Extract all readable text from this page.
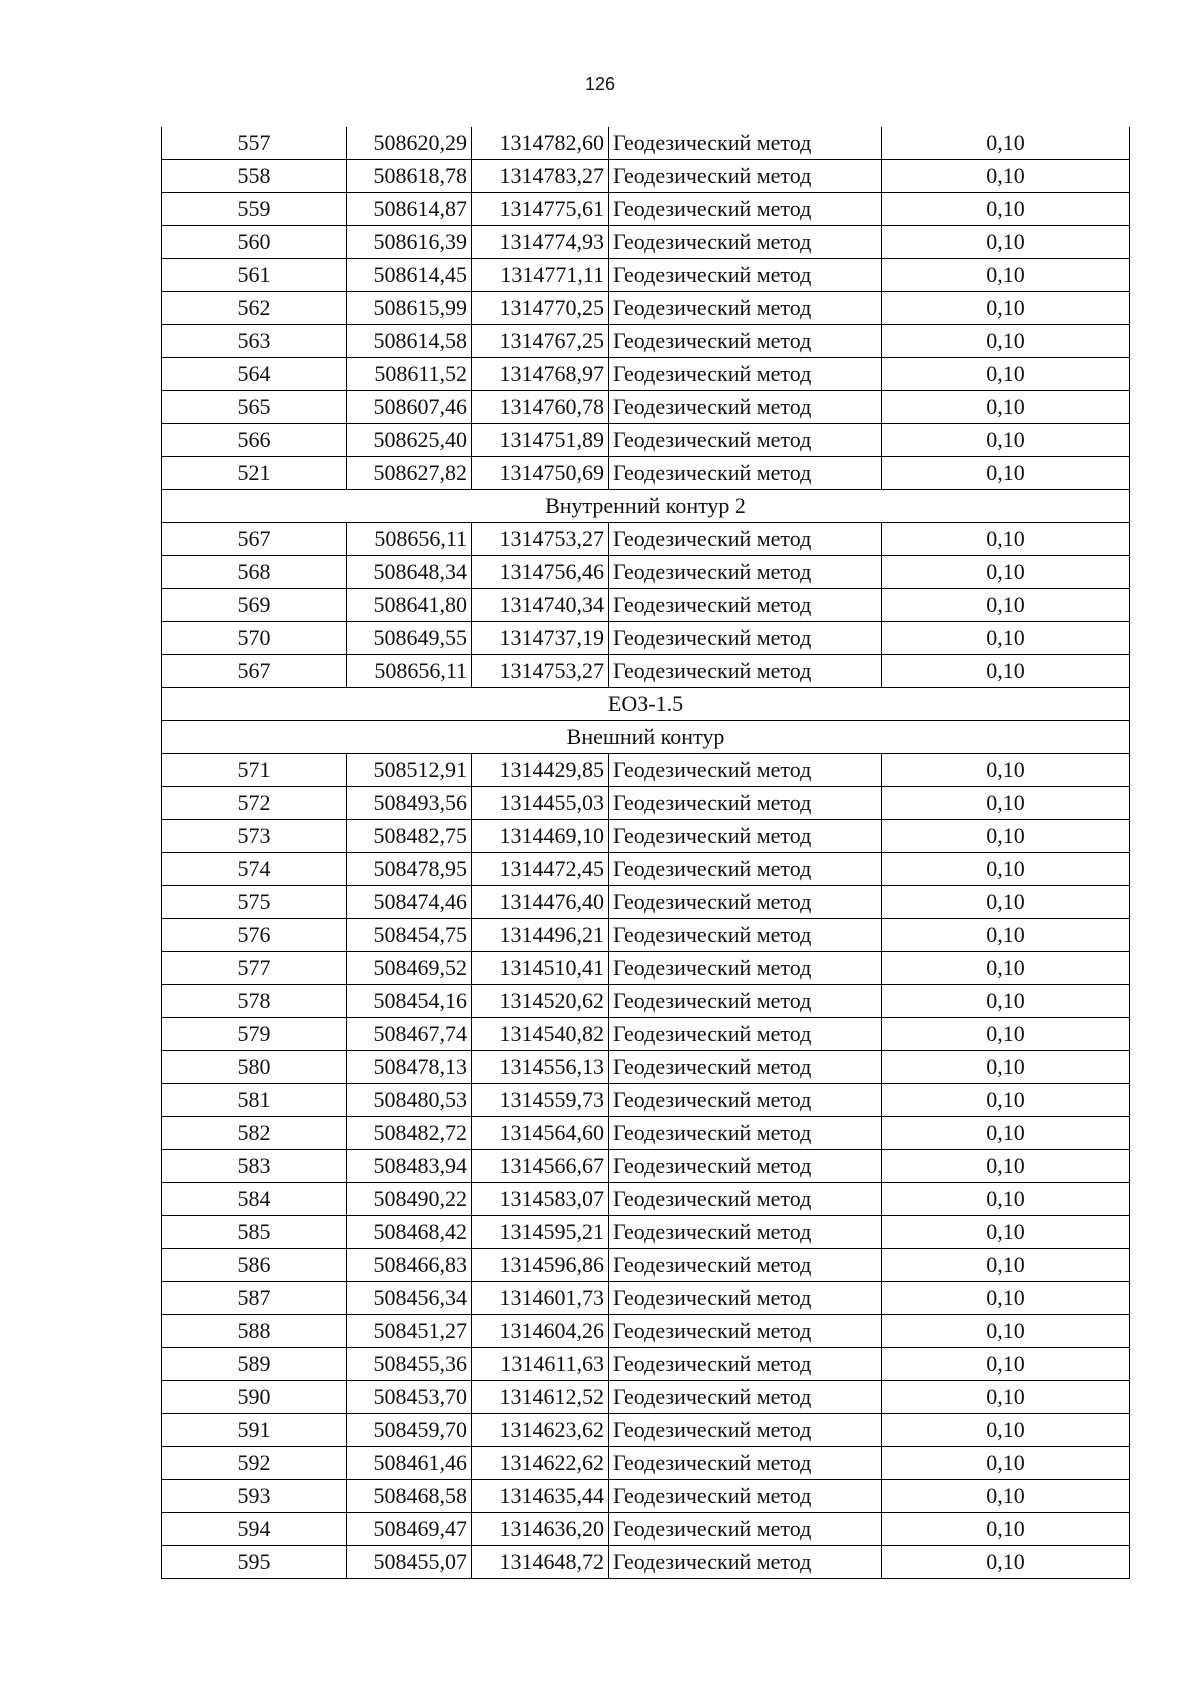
126
557	508620,29	1314782,60	Геодезический метод	0,10
558	508618,78	1314783,27	Геодезический метод	0,10
559	508614,87	1314775,61	Геодезический метод	0,10
560	508616,39	1314774,93	Геодезический метод	0,10
561	508614,45	1314771,11	Геодезический метод	0,10
562	508615,99	1314770,25	Геодезический метод	0,10
563	508614,58	1314767,25	Геодезический метод	0,10
564	508611,52	1314768,97	Геодезический метод	0,10
565	508607,46	1314760,78	Геодезический метод	0,10
566	508625,40	1314751,89	Геодезический метод	0,10
521	508627,82	1314750,69	Геодезический метод	0,10
Внутренний контур 2				
567	508656,11	1314753,27	Геодезический метод	0,10
568	508648,34	1314756,46	Геодезический метод	0,10
569	508641,80	1314740,34	Геодезический метод	0,10
570	508649,55	1314737,19	Геодезический метод	0,10
567	508656,11	1314753,27	Геодезический метод	0,10
ЕОЗ-1.5				
Внешний контур				
571	508512,91	1314429,85	Геодезический метод	0,10
572	508493,56	1314455,03	Геодезический метод	0,10
573	508482,75	1314469,10	Геодезический метод	0,10
574	508478,95	1314472,45	Геодезический метод	0,10
575	508474,46	1314476,40	Геодезический метод	0,10
576	508454,75	1314496,21	Геодезический метод	0,10
577	508469,52	1314510,41	Геодезический метод	0,10
578	508454,16	1314520,62	Геодезический метод	0,10
579	508467,74	1314540,82	Геодезический метод	0,10
580	508478,13	1314556,13	Геодезический метод	0,10
581	508480,53	1314559,73	Геодезический метод	0,10
582	508482,72	1314564,60	Геодезический метод	0,10
583	508483,94	1314566,67	Геодезический метод	0,10
584	508490,22	1314583,07	Геодезический метод	0,10
585	508468,42	1314595,21	Геодезический метод	0,10
586	508466,83	1314596,86	Геодезический метод	0,10
587	508456,34	1314601,73	Геодезический метод	0,10
588	508451,27	1314604,26	Геодезический метод	0,10
589	508455,36	1314611,63	Геодезический метод	0,10
590	508453,70	1314612,52	Геодезический метод	0,10
591	508459,70	1314623,62	Геодезический метод	0,10
592	508461,46	1314622,62	Геодезический метод	0,10
593	508468,58	1314635,44	Геодезический метод	0,10
594	508469,47	1314636,20	Геодезический метод	0,10
595	508455,07	1314648,72	Геодезический метод	0,10
